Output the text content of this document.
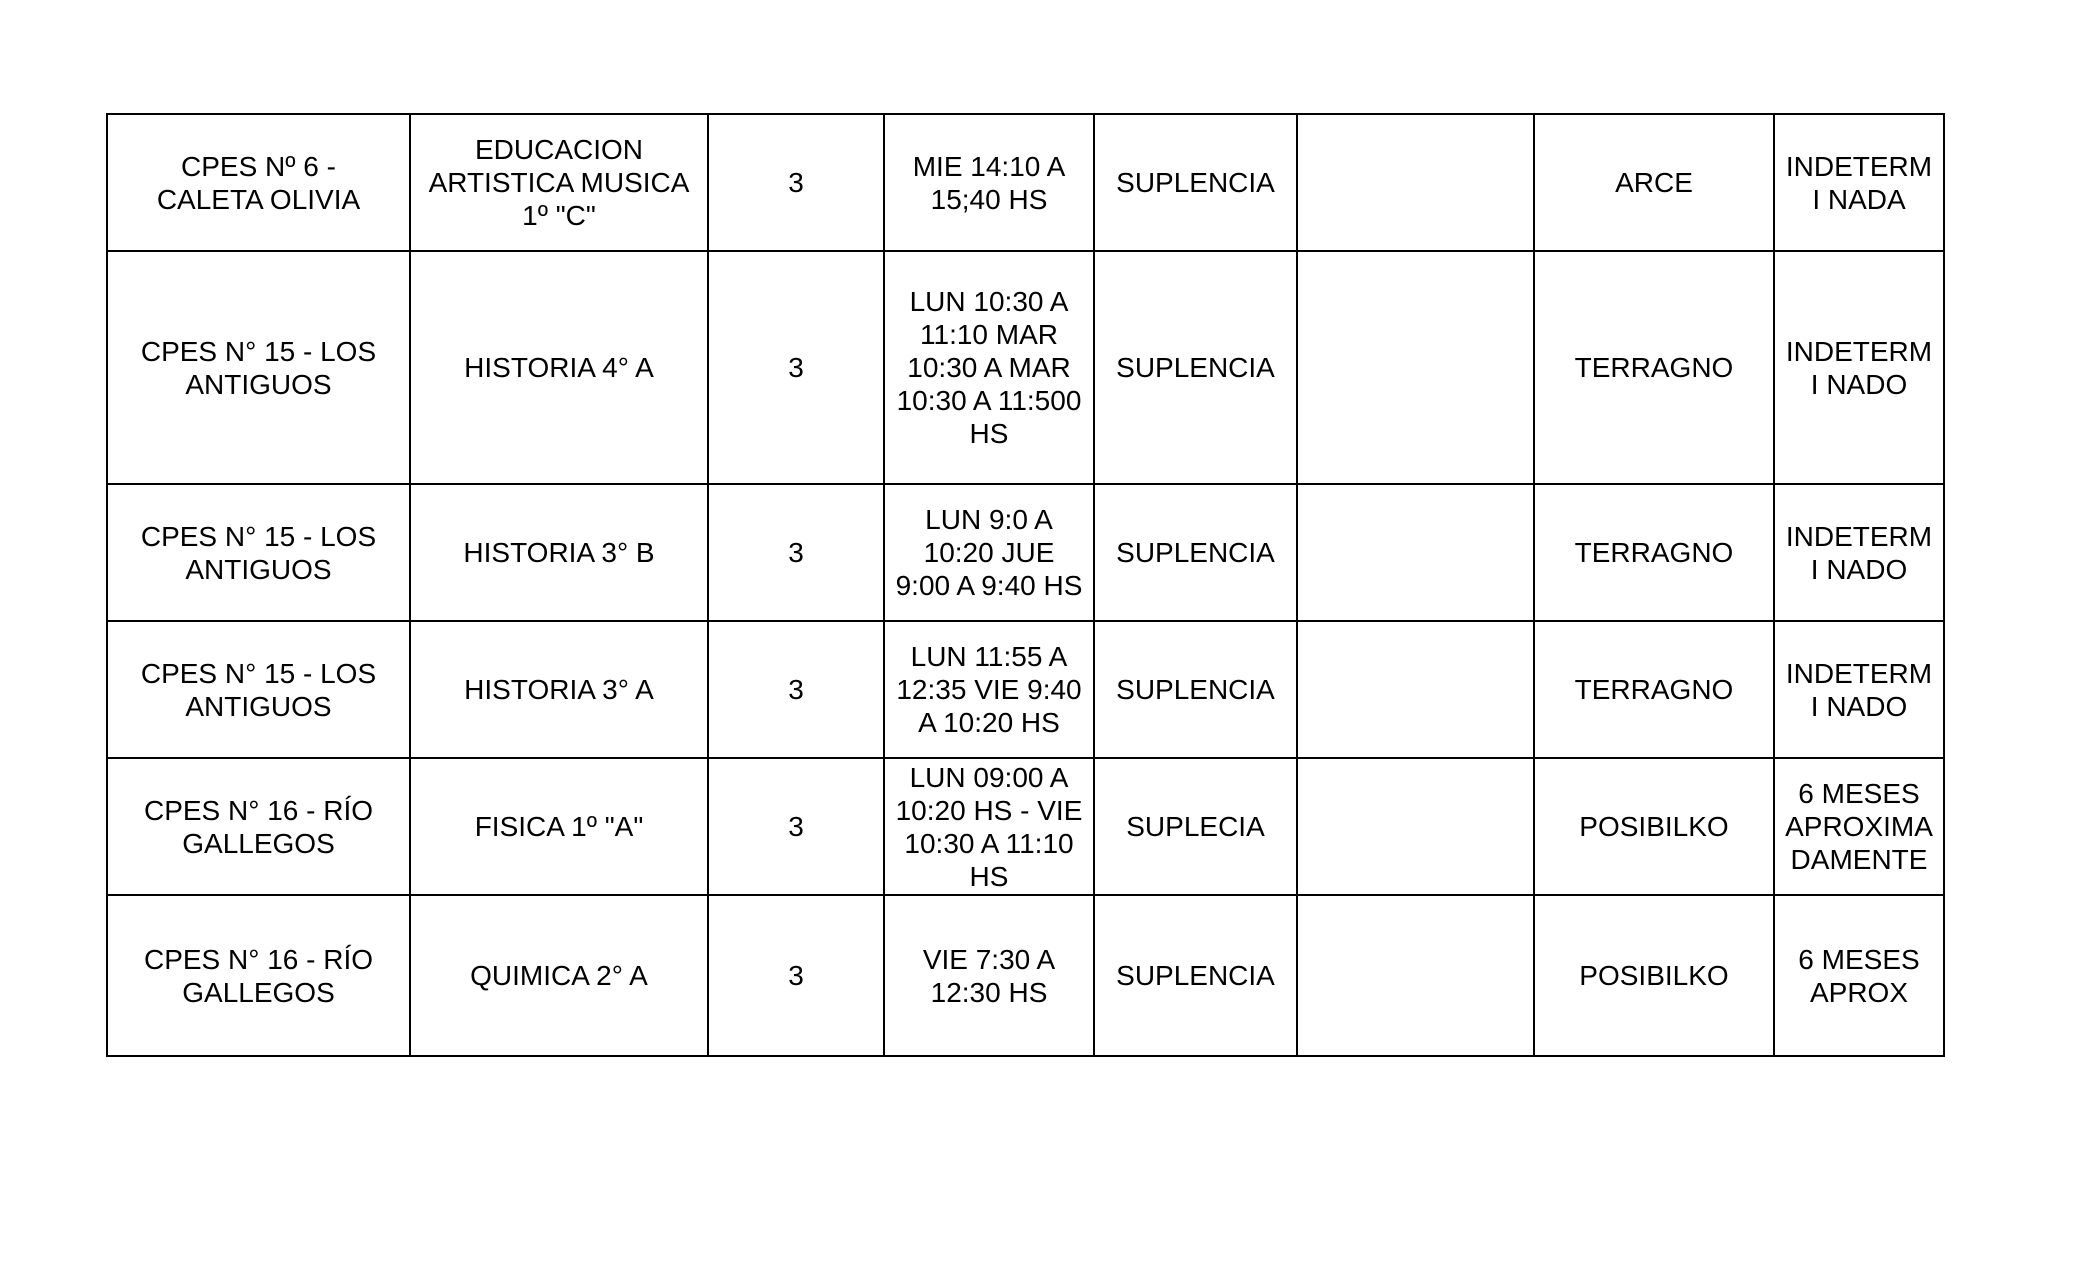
CPES Nº 6 - CALETA OLIVIA	EDUCACION ARTISTICA MUSICA 1º "C"	3	MIE 14:10 A 15;40 HS	SUPLENCIA		ARCE	INDETERMI NADA
CPES N° 15 - LOS ANTIGUOS	HISTORIA 4° A	3	LUN 10:30 A 11:10 MAR 10:30 A MAR 10:30 A 11:500 HS	SUPLENCIA		TERRAGNO	INDETERMI NADO
CPES N° 15 - LOS ANTIGUOS	HISTORIA 3° B	3	LUN 9:0 A 10:20 JUE 9:00 A 9:40 HS	SUPLENCIA		TERRAGNO	INDETERMI NADO
CPES N° 15 - LOS ANTIGUOS	HISTORIA 3° A	3	LUN 11:55 A 12:35 VIE 9:40 A 10:20 HS	SUPLENCIA		TERRAGNO	INDETERMI NADO
CPES N° 16 - RÍO GALLEGOS	FISICA 1º "A"	3	LUN 09:00 A 10:20 HS - VIE 10:30 A 11:10 HS	SUPLECIA		POSIBILKO	6 MESES APROXIMA DAMENTE
CPES N° 16 - RÍO GALLEGOS	QUIMICA 2° A	3	VIE 7:30 A 12:30 HS	SUPLENCIA		POSIBILKO	6 MESES APROX
